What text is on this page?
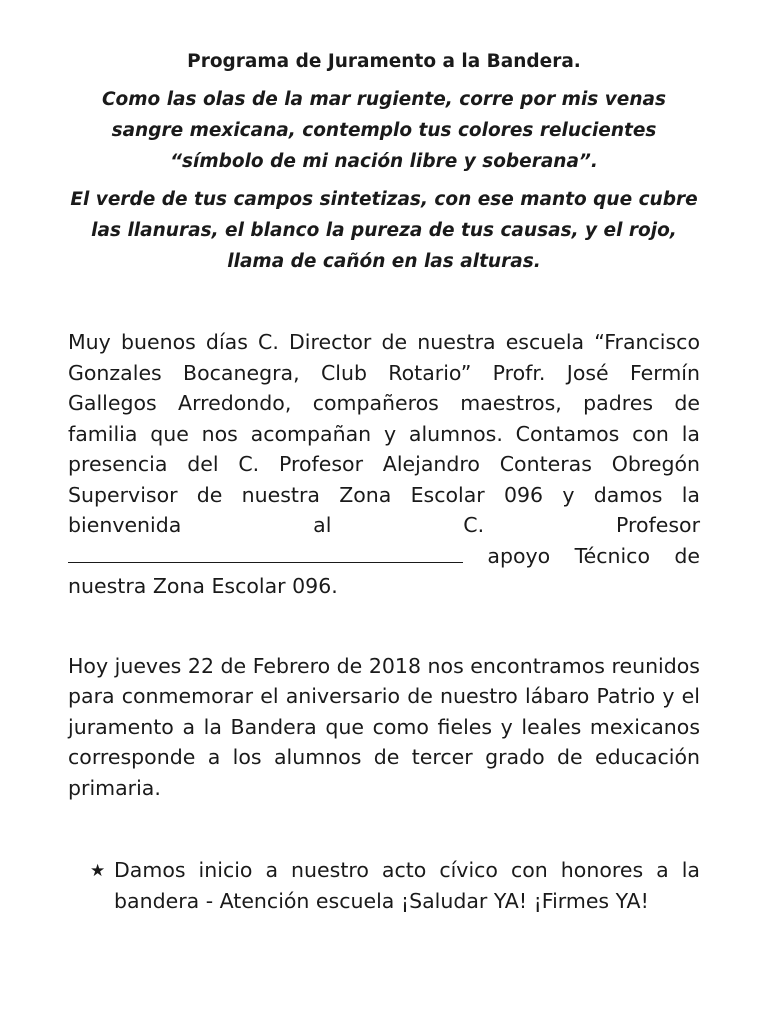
Programa de Juramento a la Bandera.

Como las olas de la mar rugiente, corre por mis venas sangre mexicana, contemplo tus colores relucientes “símbolo de mi nación libre y soberana”.

El verde de tus campos sintetizas, con ese manto que cubre las llanuras, el blanco la pureza de tus causas, y el rojo, llama de cañón en las alturas.

Muy buenos días C. Director de nuestra escuela “Francisco Gonzales Bocanegra, Club Rotario” Profr. José Fermín Gallegos Arredondo, compañeros maestros, padres de familia que nos acompañan y alumnos. Contamos con la presencia del C. Profesor Alejandro Conteras Obregón Supervisor de nuestra Zona Escolar 096 y damos la bienvenida al C. Profesor  apoyo Técnico de nuestra Zona Escolar 096.

Hoy jueves 22 de Febrero de 2018 nos encontramos reunidos para conmemorar el aniversario de nuestro lábaro Patrio y el juramento a la Bandera que como fieles y leales mexicanos corresponde a los alumnos de tercer grado de educación primaria.

★ Damos inicio a nuestro acto cívico con honores a la bandera - Atención escuela ¡Saludar YA! ¡Firmes YA!
